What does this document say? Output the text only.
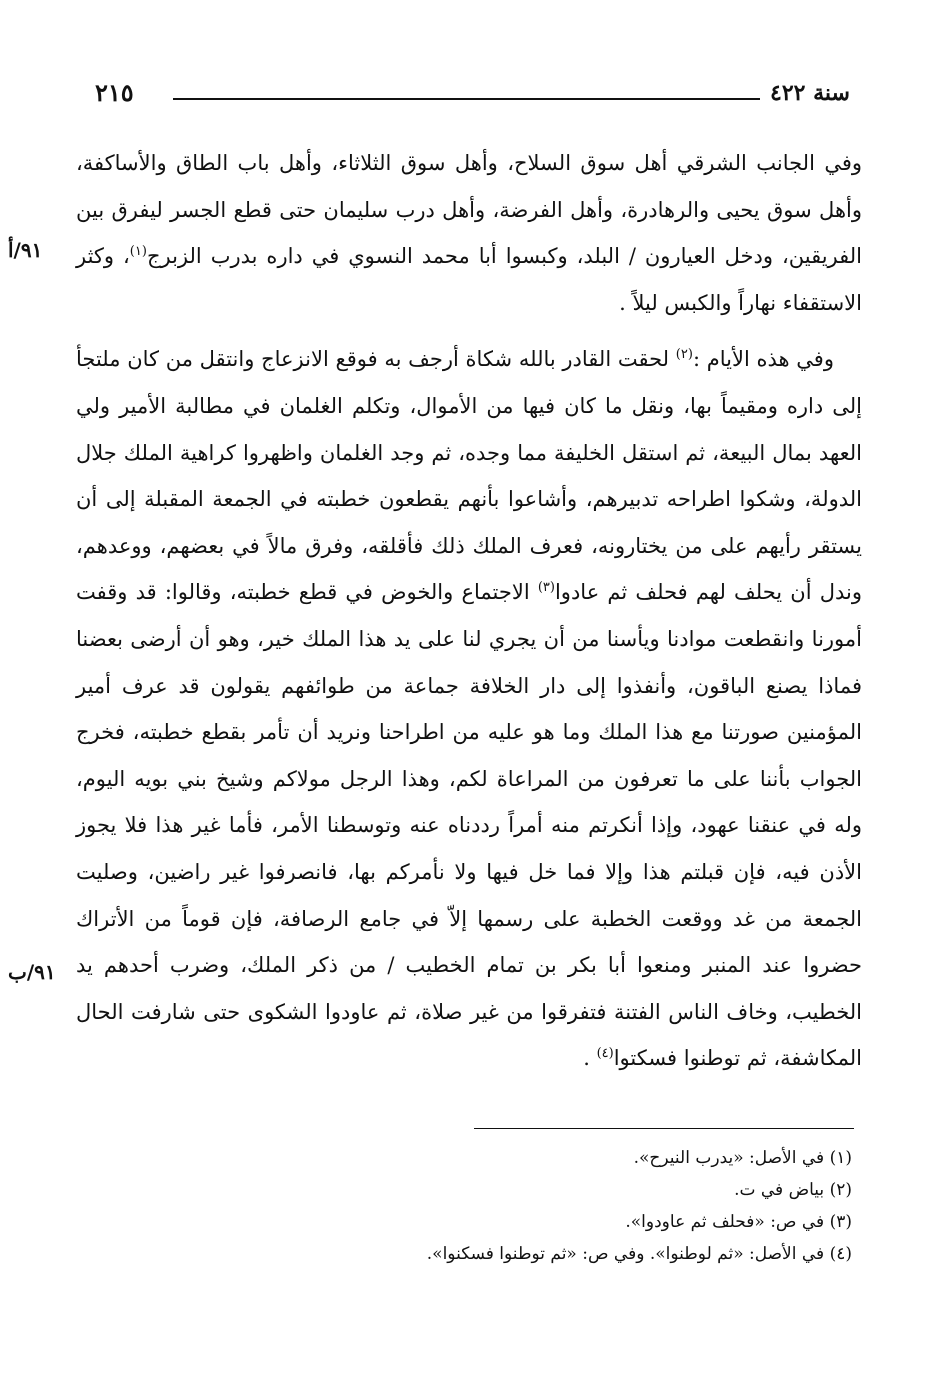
سنة ٤٢٢
٢١٥

وفي الجانب الشرقي أهل سوق السلاح، وأهل سوق الثلاثاء، وأهل باب الطاق والأساكفة، وأهل سوق يحيى والرهادرة، وأهل الفرضة، وأهل درب سليمان حتى قطع الجسر ليفرق بين الفريقين، ودخل العيارون / البلد، وكبسوا أبا محمد النسوي في داره بدرب الزبرج$^{(١)}$، وكثر الاستقفاء نهاراً والكبس ليلاً .

وفي هذه الأيام :$^{(٢)}$ لحقت القادر بالله شكاة أرجف به فوقع الانزعاج وانتقل من كان ملتجأ إلى داره ومقيماً بها، ونقل ما كان فيها من الأموال، وتكلم الغلمان في مطالبة الأمير ولي العهد بمال البيعة، ثم استقل الخليفة مما وجده، ثم وجد الغلمان واظهروا كراهية الملك جلال الدولة، وشكوا اطراحه تدبيرهم، وأشاعوا بأنهم يقطعون خطبته في الجمعة المقبلة إلى أن يستقر رأيهم على من يختارونه، فعرف الملك ذلك فأقلقه، وفرق مالاً في بعضهم، ووعدهم، وندل أن يحلف لهم فحلف ثم عادوا$^{(٣)}$ الاجتماع والخوض في قطع خطبته، وقالوا: قد وقفت أمورنا وانقطعت موادنا ويأسنا من أن يجري لنا على يد هذا الملك خير، وهو أن أرضى بعضنا فماذا يصنع الباقون، وأنفذوا إلى دار الخلافة جماعة من طوائفهم يقولون قد عرف أمير المؤمنين صورتنا مع هذا الملك وما هو عليه من اطراحنا ونريد أن تأمر بقطع خطبته، فخرج الجواب بأننا على ما تعرفون من المراعاة لكم، وهذا الرجل مولاكم وشيخ بني بويه اليوم، وله في عنقنا عهود، وإذا أنكرتم منه أمراً رددناه عنه وتوسطنا الأمر، فأما غير هذا فلا يجوز الأذن فيه، فإن قبلتم هذا وإلا فما خل فيها ولا نأمركم بها، فانصرفوا غير راضين، وصليت الجمعة من غد ووقعت الخطبة على رسمها إلاّ في جامع الرصافة، فإن قوماً من الأتراك حضروا عند المنبر ومنعوا أبا بكر بن تمام الخطيب / من ذكر الملك، وضرب أحدهم يد الخطيب، وخاف الناس الفتنة فتفرقوا من غير صلاة، ثم عاودوا الشكوى حتى شارفت الحال المكاشفة، ثم توطنوا فسكتوا$^{(٤)}$ .

٩١/أ
٩١/ب

(١) في الأصل: «يدرب النيرح».

(٢) بياض في ت.

(٣) في ص: «فحلف ثم عاودوا».

(٤) في الأصل: «ثم لوطنوا». وفي ص: «ثم توطنوا فسكنوا».
